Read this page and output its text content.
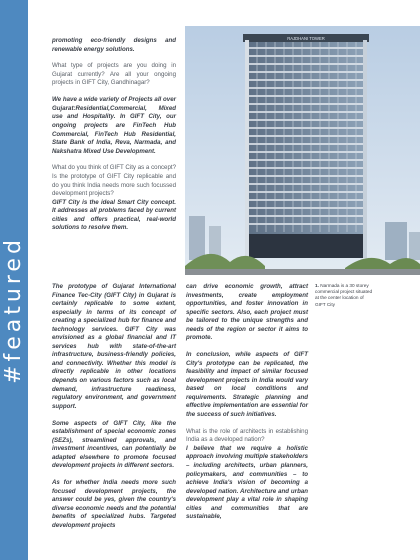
#featured

promoting eco-friendly designs and renewable energy solutions.

What type of projects are you doing in Gujarat currently? Are all your ongoing projects in GIFT City, Gandhinagar?

We have a wide variety of Projects all over Gujarat:Residential,Commercial, Mixed use and Hospitality. In GIFT City, our ongoing projects are FinTech Hub Commercial, FinTech Hub Residential, State Bank of India, Reva, Narmada, and Nakshatra Mixed Use Development.

What do you think of GIFT City as a concept? Is the prototype of GIFT City replicable and do you think India needs more such focussed development projects?

GIFT City is the ideal Smart City concept. It addresses all problems faced by current cities and offers practical, real-world solutions to resolve them.

The prototype of Gujarat International Finance Tec-City (GIFT City) in Gujarat is certainly replicable to some extent, especially in terms of its concept of creating a specialized hub for finance and technology services. GIFT City was envisioned as a global financial and IT services hub with state-of-the-art infrastructure, business-friendly policies, and connectivity. Whether this model is directly replicable in other locations depends on various factors such as local demand, infrastructure readiness, regulatory environment, and government support.

Some aspects of GIFT City, like the establishment of special economic zones (SEZs), streamlined approvals, and investment incentives, can potentially be adapted elsewhere to promote focused development projects in different sectors.

As for whether India needs more such focused development projects, the answer could be yes, given the country's diverse economic needs and the potential benefits of specialized hubs. Targeted development projects

can drive economic growth, attract investments, create employment opportunities, and foster innovation in specific sectors. Also, each project must be tailored to the unique strengths and needs of the region or sector it aims to promote.

In conclusion, while aspects of GIFT City's prototype can be replicated, the feasibility and impact of similar focused development projects in India would vary based on local conditions and requirements. Strategic planning and effective implementation are essential for the success of such initiatives.

What is the role of architects in establishing India as a developed nation?

I believe that we require a holistic approach involving multiple stakeholders – including architects, urban planners, policymakers, and communities – to achieve India's vision of becoming a developed nation. Architecture and urban development play a vital role in shaping cities and communities that are sustainable,

RAJDHANI TOWER
1. Narmada is a 30 storey commercial project situated at the center location of GIFT City
